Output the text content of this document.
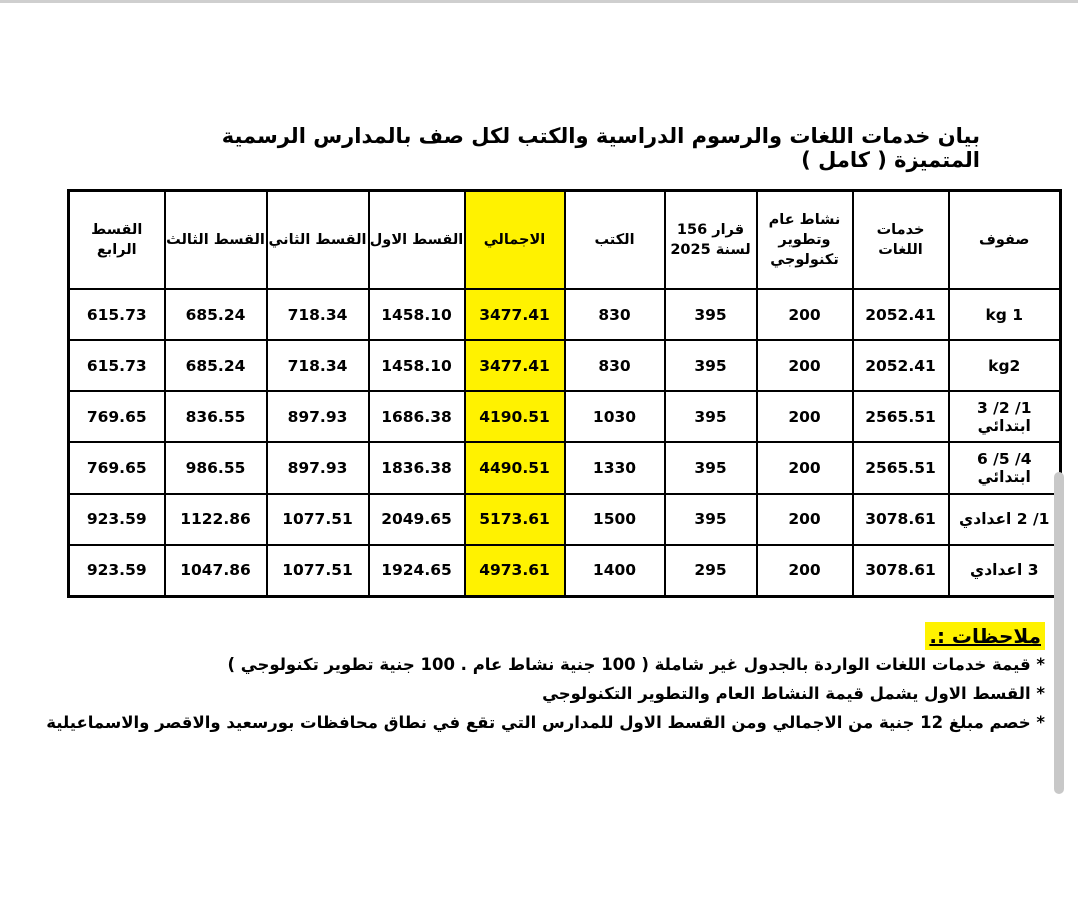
بيان خدمات اللغات والرسوم الدراسية والكتب لكل صف بالمدارس الرسمية المتميزة ( كامل )
صفوف	خدمات اللغات	نشاط عام وتطوير تكنولوجي	قرار 156 لسنة 2025	الكتب	الاجمالي	القسط الاول	القسط الثاني	القسط الثالث	القسط الرابع
kg 1	2052.41	200	395	830	3477.41	1458.10	718.34	685.24	615.73
kg2	2052.41	200	395	830	3477.41	1458.10	718.34	685.24	615.73
1/ 2/ 3 ابتدائي	2565.51	200	395	1030	4190.51	1686.38	897.93	836.55	769.65
4/ 5/ 6 ابتدائي	2565.51	200	395	1330	4490.51	1836.38	897.93	986.55	769.65
1/ 2 اعدادي	3078.61	200	395	1500	5173.61	2049.65	1077.51	1122.86	923.59
3 اعدادي	3078.61	200	295	1400	4973.61	1924.65	1077.51	1047.86	923.59
ملاحظات :.
* قيمة خدمات اللغات الواردة بالجدول غير شاملة ( 100 جنية نشاط عام . 100 جنية تطوير تكنولوجي )
* القسط الاول يشمل قيمة النشاط العام والتطوير التكنولوجي
* خصم مبلغ 12 جنية من الاجمالي ومن القسط الاول للمدارس التي تقع في نطاق محافظات بورسعيد والاقصر والاسماعيلية
